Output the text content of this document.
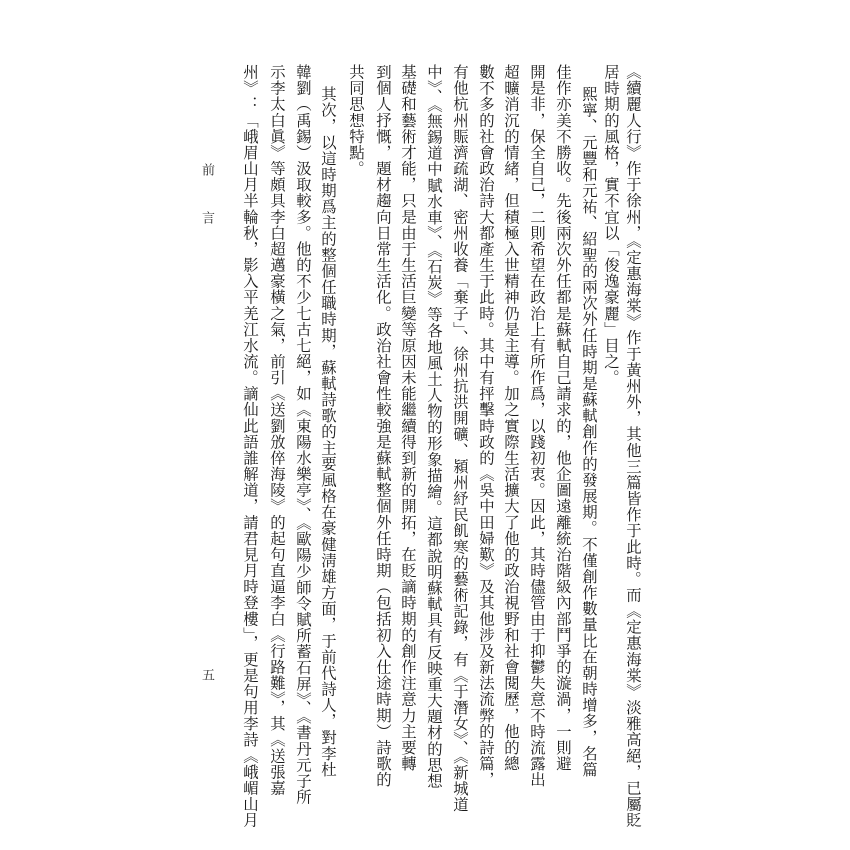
《續麗人行》作于徐州，《定惠海棠》作于黃州外，其他三篇皆作于此時。而《定惠海棠》淡雅高絕，已屬貶
居時期的風格，實不宜以「俊逸豪麗」目之。
熙寧、元豐和元祐、紹聖的兩次外任時期是蘇軾創作的發展期。不僅創作數量比在朝時增多，名篇
佳作亦美不勝收。先後兩次外任都是蘇軾自己請求的，他企圖遠離統治階級內部鬥爭的漩渦，一則避
開是非，保全自己，二則希望在政治上有所作爲，以踐初衷。因此，其時儘管由于抑鬱失意不時流露出
超曠消沉的情緒，但積極入世精神仍是主導。加之實際生活擴大了他的政治視野和社會閱歷，他的總
數不多的社會政治詩大都產生于此時。其中有抨擊時政的《吳中田婦歎》及其他涉及新法流弊的詩篇，
有他杭州賑濟疏湖、密州收養「棄子」、徐州抗洪開礦、潁州紓民飢寒的藝術記錄，有《于潛女》、《新城道
中》、《無錫道中賦水車》、《石炭》等各地風土人物的形象描繪。這都說明蘇軾具有反映重大題材的思想
基礎和藝術才能，只是由于生活巨變等原因未能繼續得到新的開拓，在貶謫時期的創作注意力主要轉
到個人抒慨，題材趨向日常生活化。政治社會性較強是蘇軾整個外任時期（包括初入仕途時期）詩歌的
共同思想特點。
其次，以這時期爲主的整個任職時期，蘇軾詩歌的主要風格在豪健淸雄方面，于前代詩人，對李杜
韓劉（禹錫）汲取較多。他的不少七古七絕，如《東陽水樂亭》、《歐陽少師令賦所蓄石屏》、《書丹元子所
示李太白眞》等頗具李白超邁豪橫之氣，前引《送劉攽倅海陵》的起句直逼李白《行路難》，其《送張嘉
州》：「峨眉山月半輪秋，影入平羌江水流。謫仙此語誰解道，請君見月時登樓」，更是句用李詩《峨嵋山月
前 言
五
